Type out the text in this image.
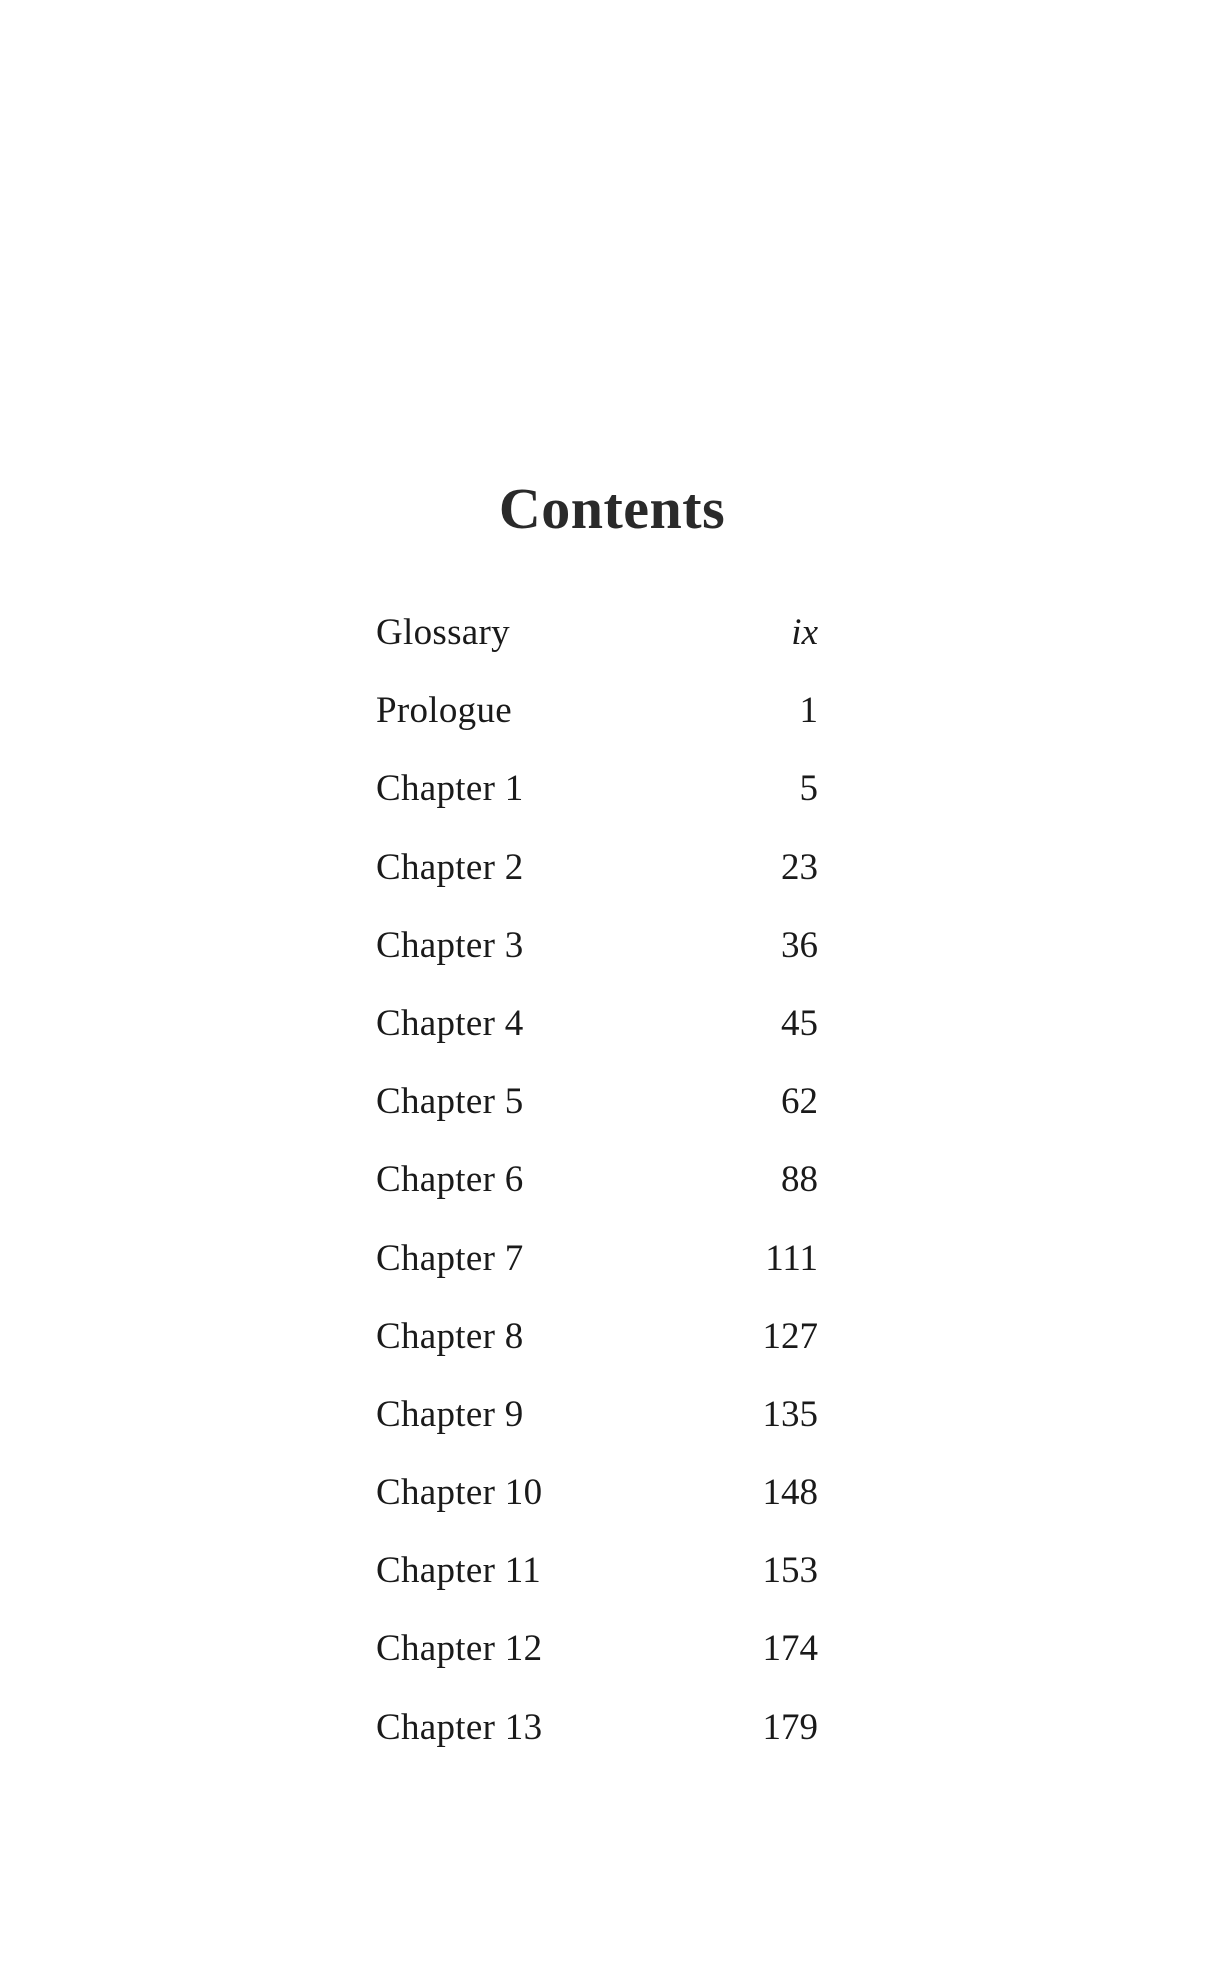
Contents
Glossary	ix
Prologue	1
Chapter 1	5
Chapter 2	23
Chapter 3	36
Chapter 4	45
Chapter 5	62
Chapter 6	88
Chapter 7	111
Chapter 8	127
Chapter 9	135
Chapter 10	148
Chapter 11	153
Chapter 12	174
Chapter 13	179
